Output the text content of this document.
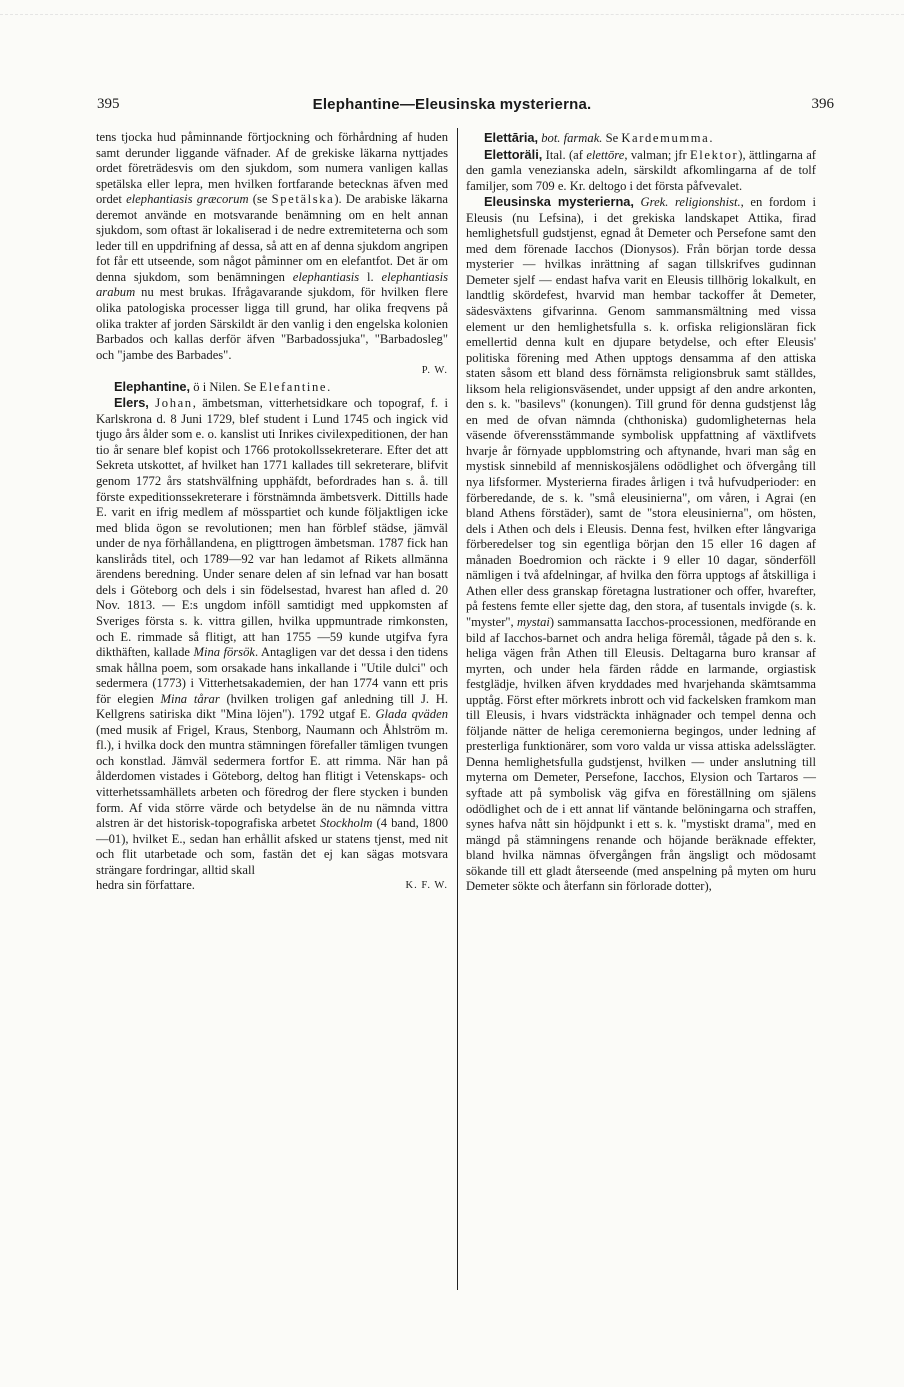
395	Elephantine—Eleusinska mysterierna.	396

tens tjocka hud påminnande förtjockning och förhårdning af huden samt derunder liggande väfnader. Af de grekiske läkarna nyttjades ordet företrädesvis om den sjukdom, som numera vanligen kallas spetälska eller lepra, men hvilken fortfarande betecknas äfven med ordet elephantiasis græcorum (se Spetälska). De arabiske läkarna deremot använde en motsvarande benämning om en helt annan sjukdom, som oftast är lokaliserad i de nedre extremiteterna och som leder till en uppdrifning af dessa, så att en af denna sjukdom angripen fot får ett utseende, som något påminner om en elefantfot. Det är om denna sjukdom, som benämningen elephantiasis l. elephantiasis arabum nu mest brukas. Ifrågavarande sjukdom, för hvilken flere olika patologiska processer ligga till grund, har olika freqvens på olika trakter af jorden Särskildt är den vanlig i den engelska kolonien Barbados och kallas derför äfven "Barbadossjuka", "Barbadosleg" och "jambe des Barbades".

P. W.

Elephantine, ö i Nilen. Se Elefantine.

Elers, Johan, ämbetsman, vitterhetsidkare och topograf, f. i Karlskrona d. 8 Juni 1729, blef student i Lund 1745 och ingick vid tjugo års ålder som e. o. kanslist uti Inrikes civilexpeditionen, der han tio år senare blef kopist och 1766 protokollssekreterare. Efter det att Sekreta utskottet, af hvilket han 1771 kallades till sekreterare, blifvit genom 1772 års statshvälfning upphäfdt, befordrades han s. å. till förste expeditionssekreterare i förstnämnda ämbetsverk. Dittills hade E. varit en ifrig medlem af mösspartiet och kunde följaktligen icke med blida ögon se revolutionen; men han förblef städse, jämväl under de nya förhållandena, en pligttrogen ämbetsman. 1787 fick han kansliråds titel, och 1789—92 var han ledamot af Rikets allmänna ärendens beredning. Under senare delen af sin lefnad var han bosatt dels i Göteborg och dels i sin födelsestad, hvarest han afled d. 20 Nov. 1813. — E:s ungdom inföll samtidigt med uppkomsten af Sveriges första s. k. vittra gillen, hvilka uppmuntrade rimkonsten, och E. rimmade så flitigt, att han 1755 —59 kunde utgifva fyra dikthäften, kallade Mina försök. Antagligen var det dessa i den tidens smak hållna poem, som orsakade hans inkallande i "Utile dulci" och sedermera (1773) i Vitterhetsakademien, der han 1774 vann ett pris för elegien Mina tårar (hvilken troligen gaf anledning till J. H. Kellgrens satiriska dikt "Mina löjen"). 1792 utgaf E. Glada qväden (med musik af Frigel, Kraus, Stenborg, Naumann och Åhlström m. fl.), i hvilka dock den muntra stämningen förefaller tämligen tvungen och konstlad. Jämväl sedermera fortfor E. att rimma. När han på ålderdomen vistades i Göteborg, deltog han flitigt i Vetenskaps- och vitterhetssamhällets arbeten och föredrog der flere stycken i bunden form. Af vida större värde och betydelse än de nu nämnda vittra alstren är det historisk-topografiska arbetet Stockholm (4 band, 1800—01), hvilket E., sedan han erhållit afsked ur statens tjenst, med nit och flit utarbetade och som, fastän det ej kan sägas motsvara strängare fordringar, alltid skall

hedra sin författare.	K. F. W.

Elettāria, bot. farmak. Se Kardemumma.

Elettoräli, Ital. (af elettōre, valman; jfr Elektor), ättlingarna af den gamla venezianska adeln, särskildt afkomlingarna af de tolf familjer, som 709 e. Kr. deltogo i det första påfvevalet.

Eleusinska mysterierna, Grek. religionshist., en fordom i Eleusis (nu Lefsina), i det grekiska landskapet Attika, firad hemlighetsfull gudstjenst, egnad åt Demeter och Persefone samt den med dem förenade Iacchos (Dionysos). Från början torde dessa mysterier — hvilkas inrättning af sagan tillskrifves gudinnan Demeter sjelf — endast hafva varit en Eleusis tillhörig lokalkult, en landtlig skördefest, hvarvid man hembar tackoffer åt Demeter, sädesväxtens gifvarinna. Genom sammansmältning med vissa element ur den hemlighetsfulla s. k. orfiska religionsläran fick emellertid denna kult en djupare betydelse, och efter Eleusis' politiska förening med Athen upptogs densamma af den attiska staten såsom ett bland dess förnämsta religionsbruk samt ställdes, liksom hela religionsväsendet, under uppsigt af den andre arkonten, den s. k. "basilevs" (konungen). Till grund för denna gudstjenst låg en med de ofvan nämnda (chthoniska) gudomligheternas hela väsende öfverensstämmande symbolisk uppfattning af växtlifvets hvarje år förnyade uppblomstring och aftynande, hvari man såg en mystisk sinnebild af menniskosjälens odödlighet och öfvergång till nya lifsformer. Mysterierna firades årligen i två hufvudperioder: en förberedande, de s. k. "små eleusinierna", om våren, i Agrai (en bland Athens förstäder), samt de "stora eleusinierna", om hösten, dels i Athen och dels i Eleusis. Denna fest, hvilken efter långvariga förberedelser tog sin egentliga början den 15 eller 16 dagen af månaden Boedromion och räckte i 9 eller 10 dagar, sönderföll nämligen i två afdelningar, af hvilka den förra upptogs af åtskilliga i Athen eller dess granskap företagna lustrationer och offer, hvarefter, på festens femte eller sjette dag, den stora, af tusentals invigde (s. k. "myster", mystai) sammansatta Iacchos-processionen, medförande en bild af Iacchos-barnet och andra heliga föremål, tågade på den s. k. heliga vägen från Athen till Eleusis. Deltagarna buro kransar af myrten, och under hela färden rådde en larmande, orgiastisk festglädje, hvilken äfven kryddades med hvarjehanda skämtsamma upptåg. Först efter mörkrets inbrott och vid fackelsken framkom man till Eleusis, i hvars vidsträckta inhägnader och tempel denna och följande nätter de heliga ceremonierna begingos, under ledning af presterliga funktionärer, som voro valda ur vissa attiska adelsslägter. Denna hemlighetsfulla gudstjenst, hvilken — under anslutning till myterna om Demeter, Persefone, Iacchos, Elysion och Tartaros — syftade att på symbolisk väg gifva en föreställning om själens odödlighet och de i ett annat lif väntande belöningarna och straffen, synes hafva nått sin höjdpunkt i ett s. k. "mystiskt drama", med en mängd på stämningens renande och höjande beräknade effekter, bland hvilka nämnas öfvergången från ängsligt och mödosamt sökande till ett gladt återseende (med anspelning på myten om huru Demeter sökte och återfann sin förlorade dotter),
